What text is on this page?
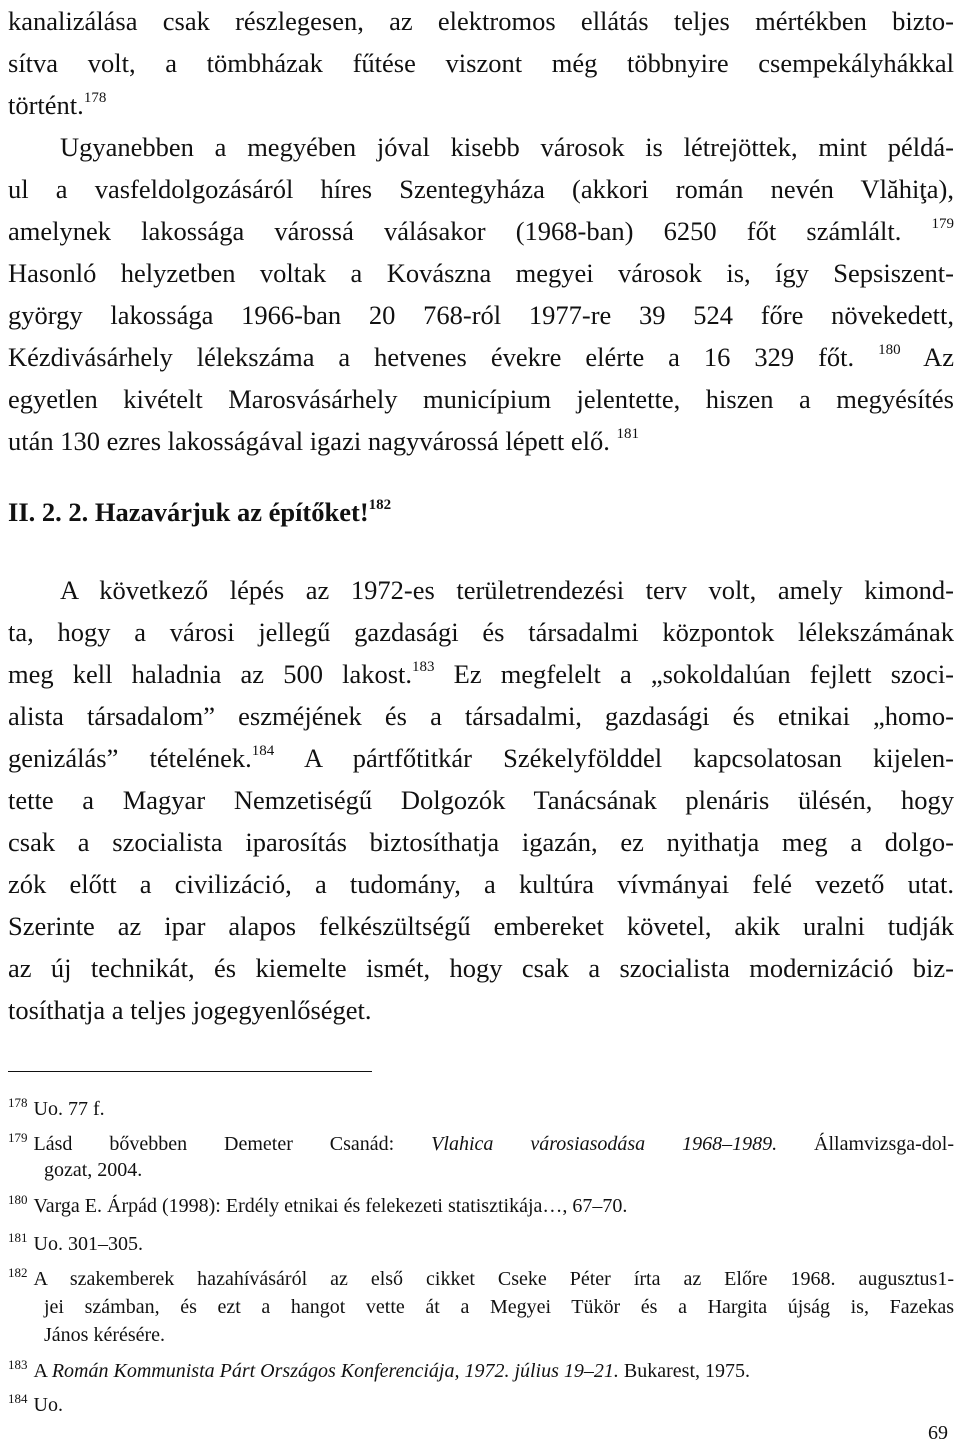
kanalizálása csak részlegesen, az elektromos ellátás teljes mértékben bizto-
sítva volt, a tömbházak fűtése viszont még többnyire csempekályhákkal
történt.$^{178}$
Ugyanebben a megyében jóval kisebb városok is létrejöttek, mint példá-
ul a vasfeldolgozásáról híres Szentegyháza (akkori román nevén Vlăhiţa),
amelynek lakossága várossá válásakor (1968-ban) 6250 főt számlált. $^{179}$
Hasonló helyzetben voltak a Kovászna megyei városok is, így Sepsiszent-
györgy lakossága 1966-ban 20 768-ról 1977-re 39 524 főre növekedett,
Kézdivásárhely lélekszáma a hetvenes évekre elérte a 16 329 főt. $^{180}$ Az
egyetlen kivételt Marosvásárhely municípium jelentette, hiszen a megyésítés
után 130 ezres lakosságával igazi nagyvárossá lépett elő. $^{181}$
II. 2. 2. Hazavárjuk az építőket!$^{182}$
A következő lépés az 1972-es területrendezési terv volt, amely kimond-
ta, hogy a városi jellegű gazdasági és társadalmi központok lélekszámának
meg kell haladnia az 500 lakost.$^{183}$ Ez megfelelt a „sokoldalúan fejlett szoci-
alista társadalom” eszméjének és a társadalmi, gazdasági és etnikai „homo-
genizálás” tételének.$^{184}$ A pártfőtitkár Székelyfölddel kapcsolatosan kijelen-
tette a Magyar Nemzetiségű Dolgozók Tanácsának plenáris ülésén, hogy
csak a szocialista iparosítás biztosíthatja igazán, ez nyithatja meg a dolgo-
zók előtt a civilizáció, a tudomány, a kultúra vívmányai felé vezető utat.
Szerinte az ipar alapos felkészültségű embereket követel, akik uralni tudják
az új technikát, és kiemelte ismét, hogy csak a szocialista modernizáció biz-
tosíthatja a teljes jogegyenlőséget.
$^{178}$ Uo. 77 f.
$^{179}$ Lásd bővebben Demeter Csanád: Vlahica városiasodása 1968–1989. Államvizsga-dol-
gozat, 2004.
$^{180}$ Varga E. Árpád (1998): Erdély etnikai és felekezeti statisztikája…, 67–70.
$^{181}$ Uo. 301–305.
$^{182}$ A szakemberek hazahívásáról az első cikket Cseke Péter írta az Előre 1968. augusztus1-
jei számban, és ezt a hangot vette át a Megyei Tükör és a Hargita újság is, Fazekas
János kérésére.
$^{183}$ A Román Kommunista Párt Országos Konferenciája, 1972. július 19–21. Bukarest, 1975.
$^{184}$ Uo.
69
